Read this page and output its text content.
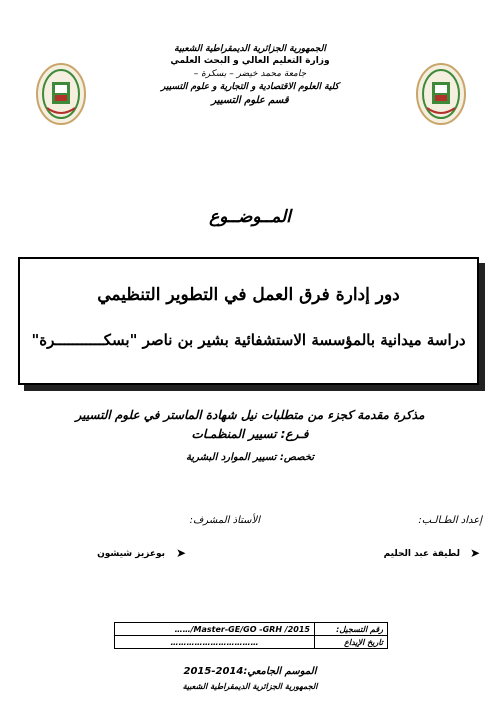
الجمهورية الجزائرية الديمقراطية الشعبية
وزارة التعليم العالي و البحث العلمي
جامعة محمد خيضر – بسكرة –
كلية العلوم الاقتصادية و التجارية و علوم التسيير
قسم علوم التسيير
المــوضــوع
دور إدارة فرق العمل في التطوير التنظيمي
دراسة ميدانية بالمؤسسة الاستشفائية بشير بن ناصر "بسكـــــــــــرة"
مذكرة مقدمة كجزء من متطلبات نيل شهادة الماستر في علوم التسيير
فـرع: تسيير المنظمـات
تخصص: تسيير الموارد البشرية
إعداد الطـالـب:
الأستاذ المشرف:
➤
لطيفة عبد الحليم
➤
بوعزيز شيشون
……/Master-GE/GO -GRH /2015	رقم التسجيل:
……………………………	تاريخ الإيداع
الموسم الجامعي:2014-2015
الجمهورية الجزائرية الديمقراطية الشعبية
